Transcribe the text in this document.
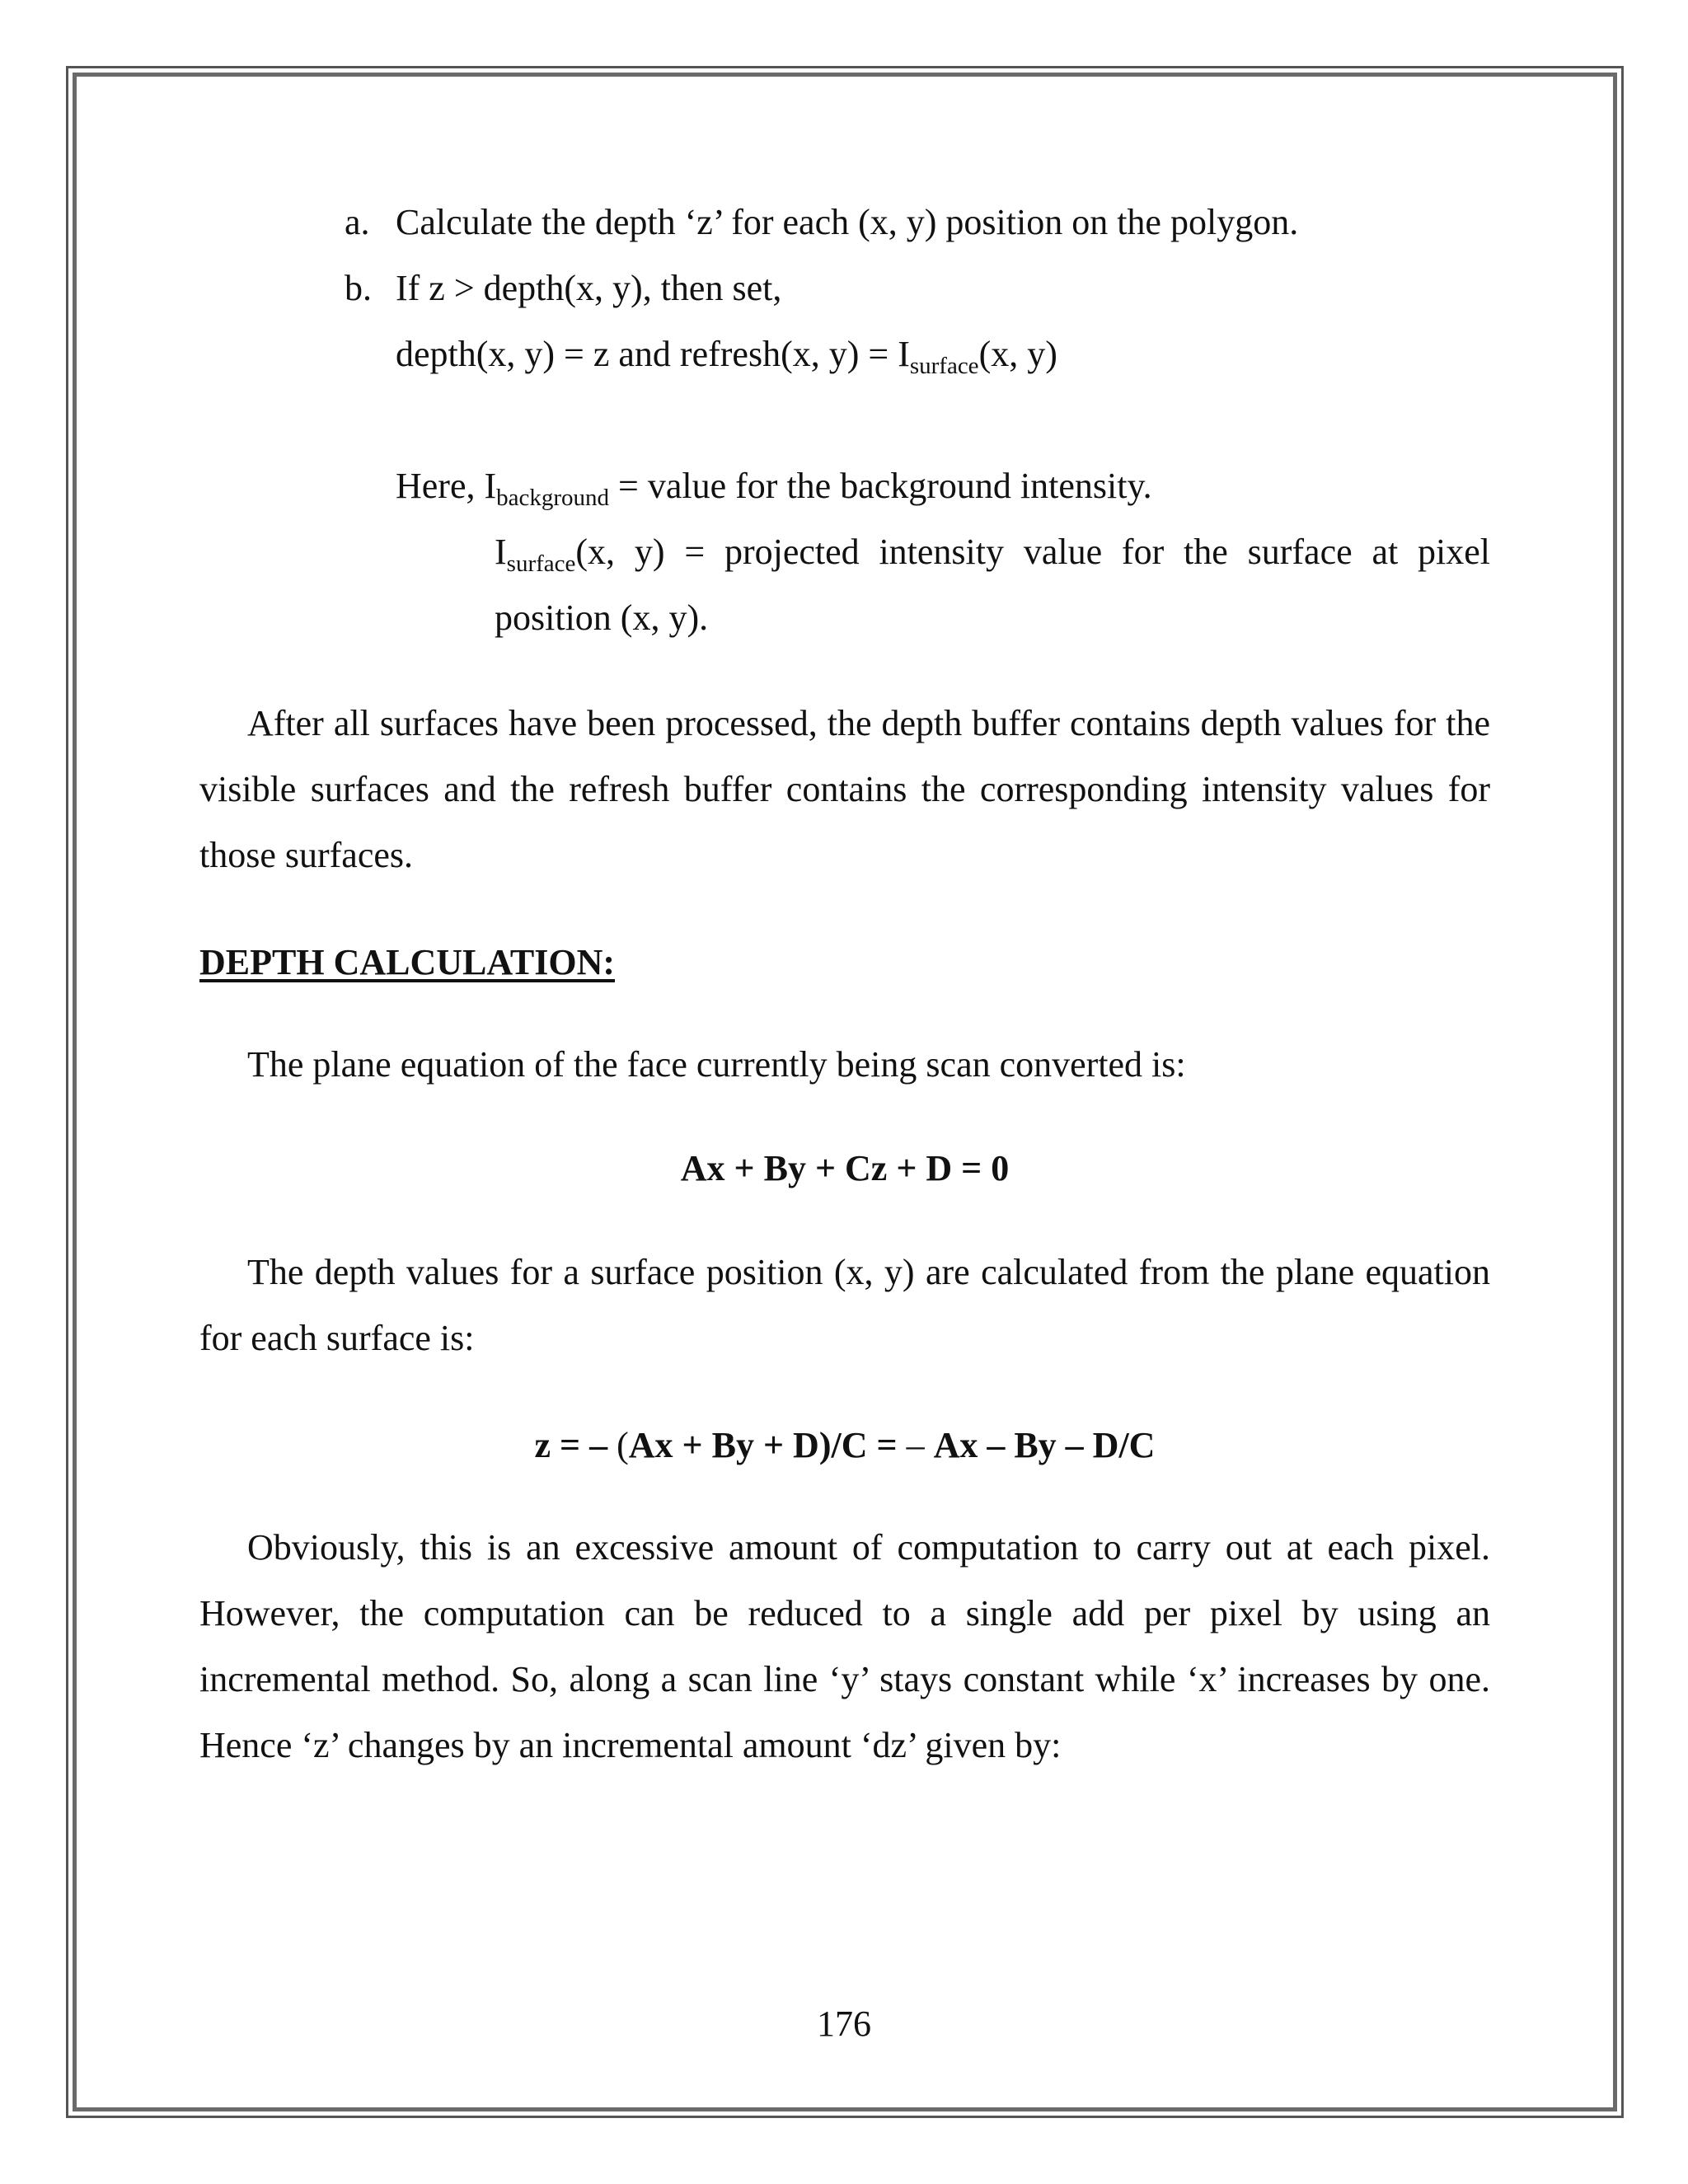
a. Calculate the depth ‘z’ for each (x, y) position on the polygon.

b. If z > depth(x, y), then set,

depth(x, y) = z and refresh(x, $y) = I_{surface}(x$, y)

Here, $I_{background}$ = value for the background intensity.

$I_{surface}(x$, y) = projected intensity value for the surface at pixel

position (x, y).

After all surfaces have been processed, the depth buffer contains depth values for the visible surfaces and the refresh buffer contains the corresponding intensity values for those surfaces.

DEPTH CALCULATION:

The plane equation of the face currently being scan converted is:

Ax + By + Cz + D = 0

The depth values for a surface position (x, y) are calculated from the plane equation for each surface is:

z = – (Ax + By + D)/C = – Ax – By – D/C

Obviously, this is an excessive amount of computation to carry out at each pixel. However, the computation can be reduced to a single add per pixel by using an incremental method. So, along a scan line ‘y’ stays constant while ‘x’ increases by one. Hence ‘z’ changes by an incremental amount ‘dz’ given by:

176
